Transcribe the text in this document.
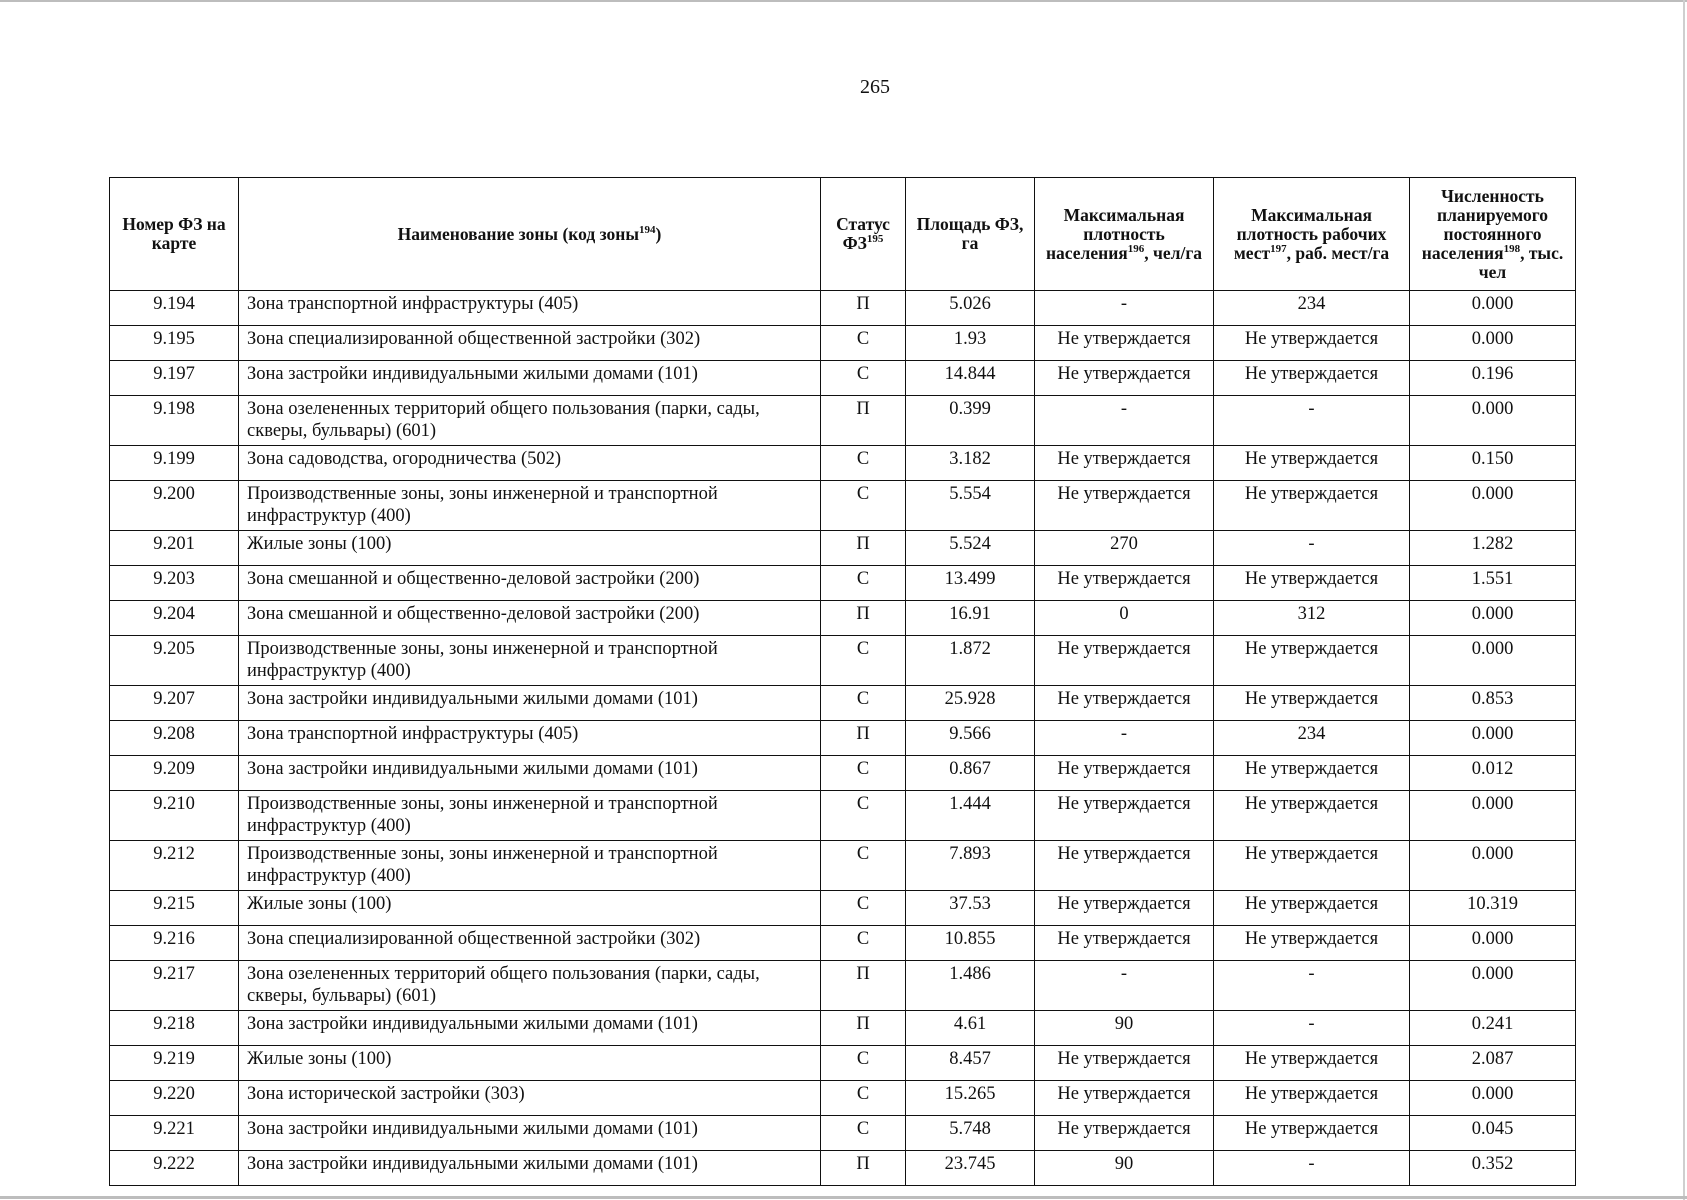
265
Номер ФЗ на карте	Наименование зоны (код зоны$^{194}$)	Статус ФЗ$^{195}$	Площадь ФЗ, га	Максимальная плотность населения$^{196}$, чел/га	Максимальная плотность рабочих мест$^{197}$, раб. мест/га	Численность планируемого постоянного населения$^{198}$, тыс. чел
9.194	Зона транспортной инфраструктуры (405)	П	5.026	-	234	0.000
9.195	Зона специализированной общественной застройки (302)	С	1.93	Не утверждается	Не утверждается	0.000
9.197	Зона застройки индивидуальными жилыми домами (101)	С	14.844	Не утверждается	Не утверждается	0.196
9.198	Зона озелененных территорий общего пользования (парки, сады, скверы, бульвары) (601)	П	0.399	-	-	0.000
9.199	Зона садоводства, огородничества (502)	С	3.182	Не утверждается	Не утверждается	0.150
9.200	Производственные зоны, зоны инженерной и транспортной инфраструктур (400)	С	5.554	Не утверждается	Не утверждается	0.000
9.201	Жилые зоны (100)	П	5.524	270	-	1.282
9.203	Зона смешанной и общественно-деловой застройки (200)	С	13.499	Не утверждается	Не утверждается	1.551
9.204	Зона смешанной и общественно-деловой застройки (200)	П	16.91	0	312	0.000
9.205	Производственные зоны, зоны инженерной и транспортной инфраструктур (400)	С	1.872	Не утверждается	Не утверждается	0.000
9.207	Зона застройки индивидуальными жилыми домами (101)	С	25.928	Не утверждается	Не утверждается	0.853
9.208	Зона транспортной инфраструктуры (405)	П	9.566	-	234	0.000
9.209	Зона застройки индивидуальными жилыми домами (101)	С	0.867	Не утверждается	Не утверждается	0.012
9.210	Производственные зоны, зоны инженерной и транспортной инфраструктур (400)	С	1.444	Не утверждается	Не утверждается	0.000
9.212	Производственные зоны, зоны инженерной и транспортной инфраструктур (400)	С	7.893	Не утверждается	Не утверждается	0.000
9.215	Жилые зоны (100)	С	37.53	Не утверждается	Не утверждается	10.319
9.216	Зона специализированной общественной застройки (302)	С	10.855	Не утверждается	Не утверждается	0.000
9.217	Зона озелененных территорий общего пользования (парки, сады, скверы, бульвары) (601)	П	1.486	-	-	0.000
9.218	Зона застройки индивидуальными жилыми домами (101)	П	4.61	90	-	0.241
9.219	Жилые зоны (100)	С	8.457	Не утверждается	Не утверждается	2.087
9.220	Зона исторической застройки (303)	С	15.265	Не утверждается	Не утверждается	0.000
9.221	Зона застройки индивидуальными жилыми домами (101)	С	5.748	Не утверждается	Не утверждается	0.045
9.222	Зона застройки индивидуальными жилыми домами (101)	П	23.745	90	-	0.352
